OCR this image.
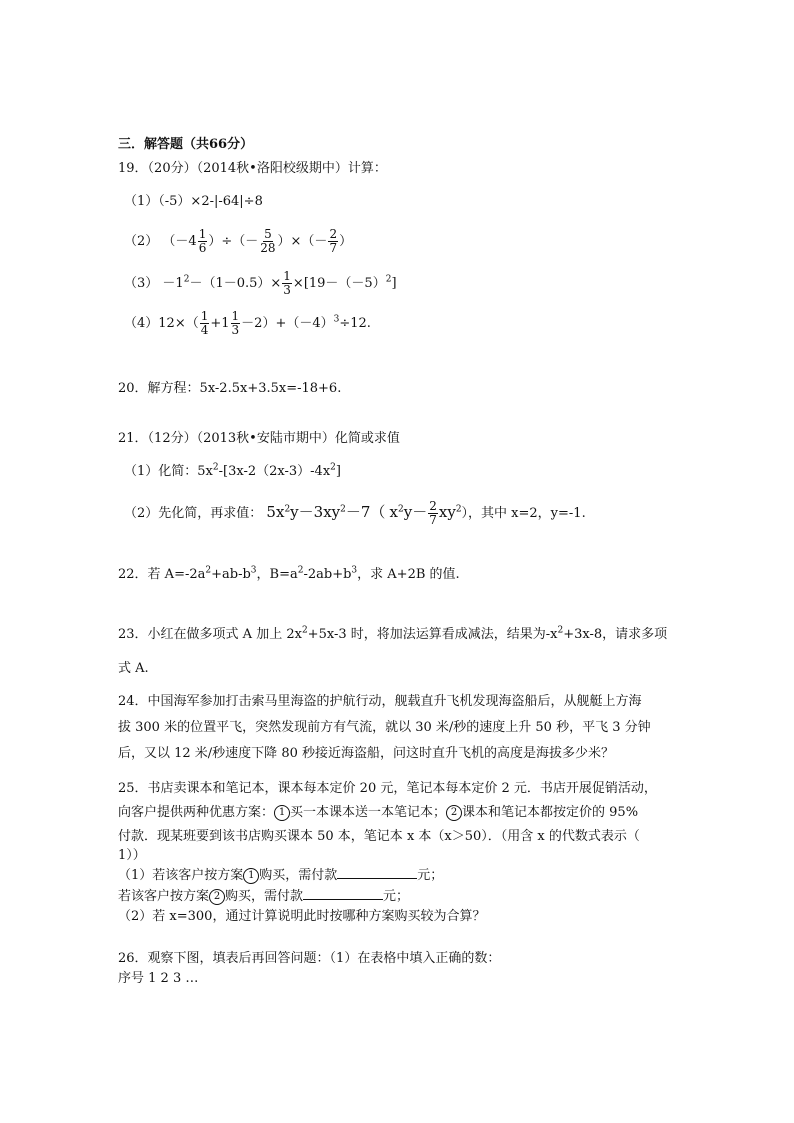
三．解答题（共66分）
19．（20分）（2014秋•洛阳校级期中）计算：
（1）（-5）×2-|-64|÷8
（2） （$-4 \frac{1}{6}$ ）÷（－ $\frac{5}{28}$ ）×（－ $\frac{2}{7}$ ）
$(3) -1^2-(1-0.5)\times \frac{1}{3} \times[19-(-5)^2]$
$(4)12\times( \frac{1}{4} +1 \frac{1}{3} -2)+(-4)^3\div 12$.
20．解方程：5x-2.5x+3.5x=-18+6.
21．（12分）（2013秋•安陆市期中）化简或求值
（1）化简：$5x^2-[3x-2(2x-3)-4x^2]$
（2）先化简，再求值： $5x^2y-3xy^2-7$（ $x^2y- \frac{2}{7} xy^2$），其中 x=2，y=-1.
22．若 $A=-2a^2+ab-b^3$，$B=a^2-2ab+b^3$，求 A+2B 的值.
23．小红在做多项式 A 加上 $2x^2+5x-3$ 时，将加法运算看成减法，结果为$-x^2+3x-8$，请求多项
式 A.
24．中国海军参加打击索马里海盗的护航行动，舰载直升飞机发现海盗船后，从舰艇上方海
拔 300 米的位置平飞，突然发现前方有气流，就以 30 米/秒的速度上升 50 秒，平飞 3 分钟
后，又以 12 米/秒速度下降 80 秒接近海盗船，问这时直升飞机的高度是海拔多少米？
25．书店卖课本和笔记本，课本每本定价 20 元，笔记本每本定价 2 元．书店开展促销活动，
向客户提供两种优惠方案： 1 买一本课本送一本笔记本； 2 课本和笔记本都按定价的 95%
付款．现某班要到该书店购买课本 50 本，笔记本 x 本（x＞50）．（用含 x 的代数式表示（
1））
（1）若该客户按方案 1 购买，需付款	元；
若该客户按方案 2 购买，需付款	元；
（2）若 x=300，通过计算说明此时按哪种方案购买较为合算？
26．观察下图，填表后再回答问题：（1）在表格中填入正确的数：
序号 1 2 3 …
